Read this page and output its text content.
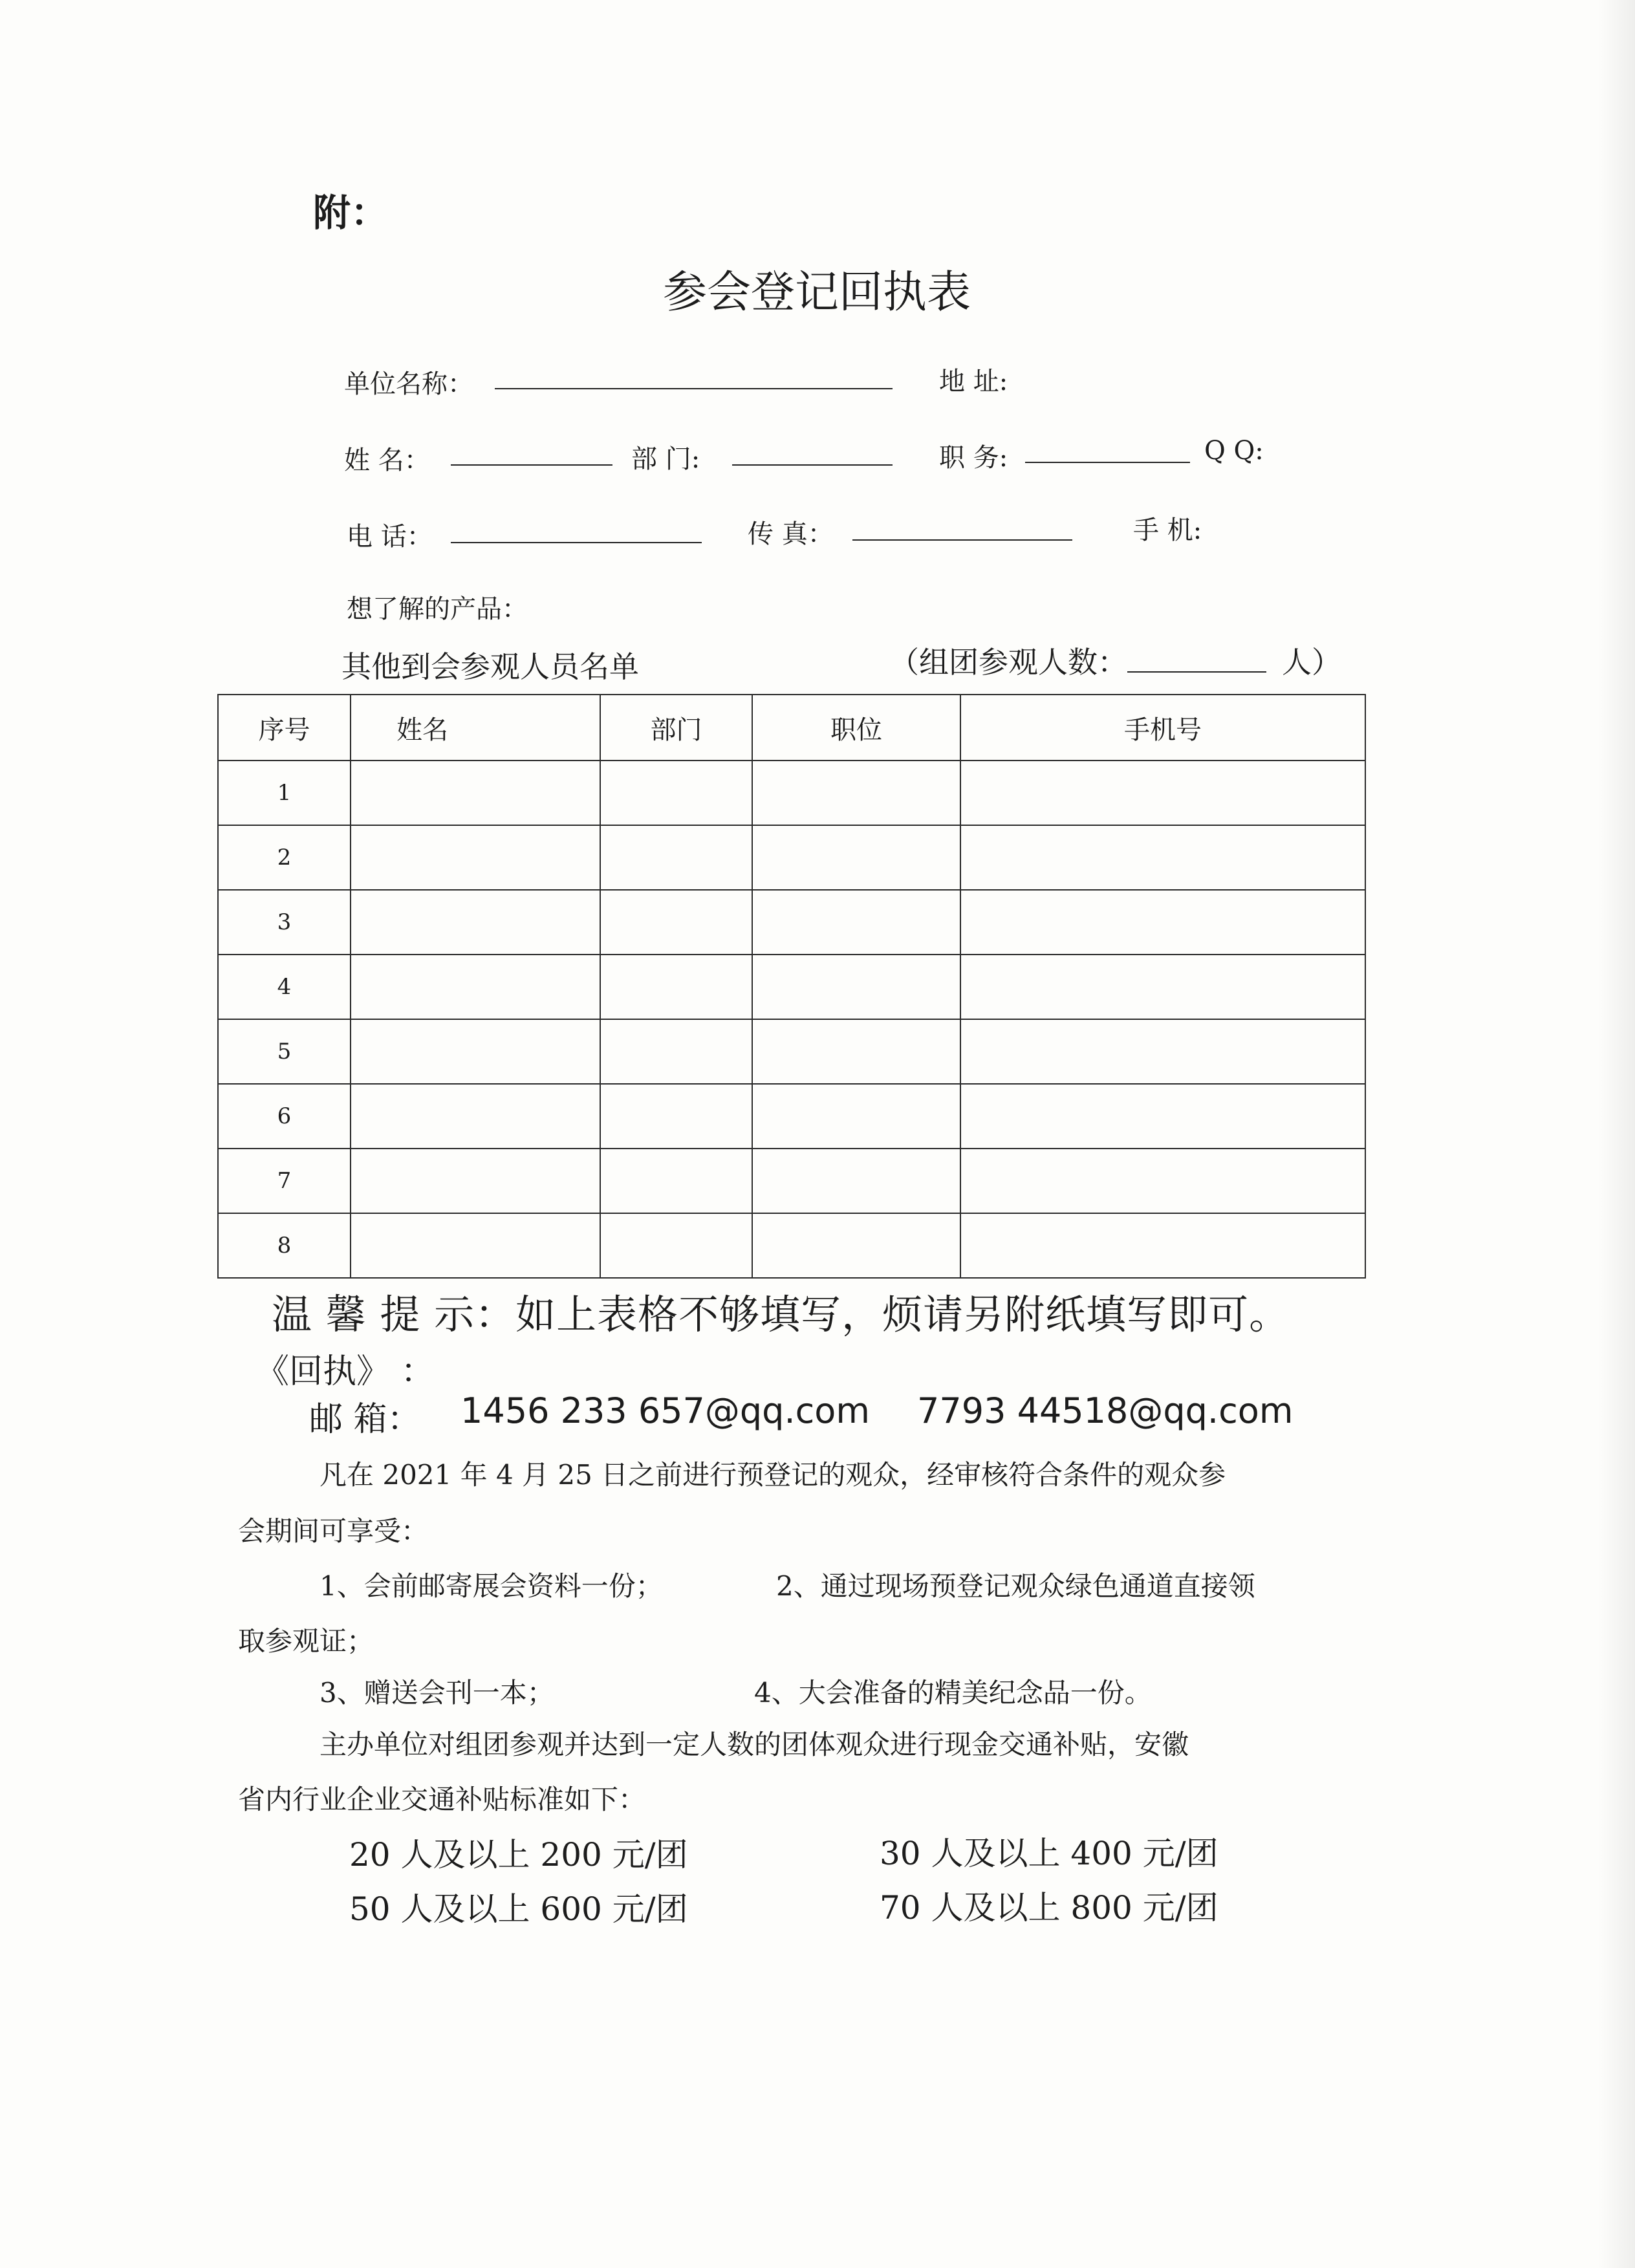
附：
参会登记回执表
单位名称：	地 址:
姓 名：	部 门:	职 务:	Q Q:
电 话：	传 真：	手 机:
想了解的产品：
其他到会参观人员名单	（组团参观人数：	人）
序号	姓名	部门	职位	手机号
1				
2				
3				
4				
5				
6				
7				
8				
温 馨 提 示：如上表格不够填写，烦请另附纸填写即可。
《回执》 ：
邮 箱： 1456 233 657@qq.com 7793 44518@qq.com
凡在 2021 年 4 月 25 日之前进行预登记的观众，经审核符合条件的观众参
会期间可享受：
1、会前邮寄展会资料一份；	2、通过现场预登记观众绿色通道直接领
取参观证；
3、赠送会刊一本；	4、大会准备的精美纪念品一份。
主办单位对组团参观并达到一定人数的团体观众进行现金交通补贴，安徽
省内行业企业交通补贴标准如下：
20 人及以上 200 元/团	30 人及以上 400 元/团
50 人及以上 600 元/团	70 人及以上 800 元/团
